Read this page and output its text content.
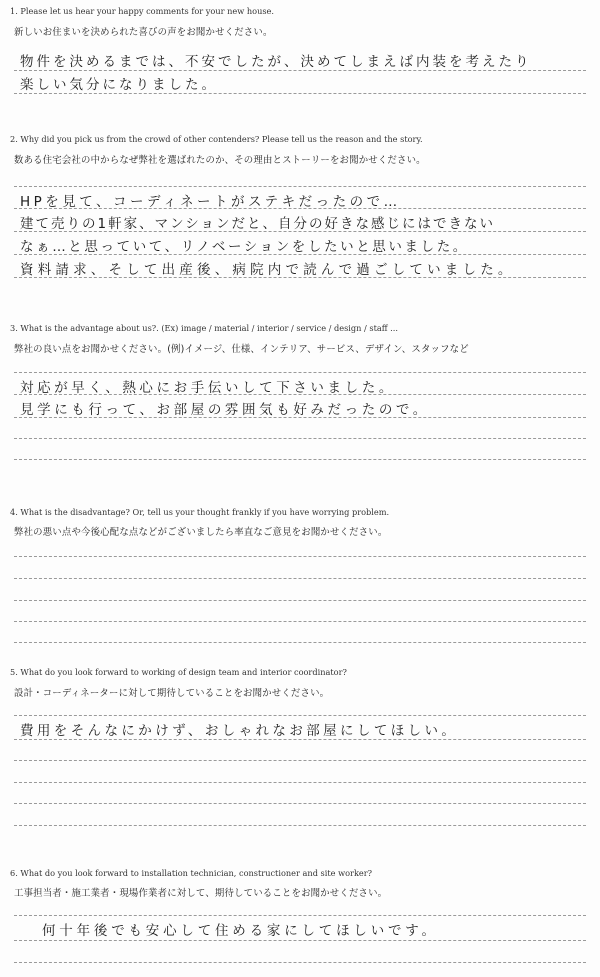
1. Please let us hear your happy comments for your new house.
新しいお住まいを決められた喜びの声をお聞かせください。
物件を決めるまでは、不安でしたが、決めてしまえば内装を考えたり
楽しい気分になりました。
2. Why did you pick us from the crowd of other contenders? Please tell us the reason and the story.
数ある住宅会社の中からなぜ弊社を選ばれたのか、その理由とストーリーをお聞かせください。
HPを見て、コーディネートがステキだったので…
建て売りの1軒家、マンションだと、自分の好きな感じにはできない
なぁ…と思っていて、リノベーションをしたいと思いました。
資料請求、そして出産後、病院内で読んで過ごしていました。
3. What is the advantage about us?. (Ex) image / material / interior / service / design / staff ...
弊社の良い点をお聞かせください。(例)イメージ、仕様、インテリア、サービス、デザイン、スタッフなど
対応が早く、熱心にお手伝いして下さいました。
見学にも行って、お部屋の雰囲気も好みだったので。
4. What is the disadvantage? Or, tell us your thought frankly if you have worrying problem.
弊社の悪い点や今後心配な点などがございましたら率直なご意見をお聞かせください。
5. What do you look forward to working of design team and interior coordinator?
設計・コーディネーターに対して期待していることをお聞かせください。
費用をそんなにかけず、おしゃれなお部屋にしてほしい。
6. What do you look forward to installation technician, constructioner and site worker?
工事担当者・施工業者・現場作業者に対して、期待していることをお聞かせください。
何十年後でも安心して住める家にしてほしいです。
